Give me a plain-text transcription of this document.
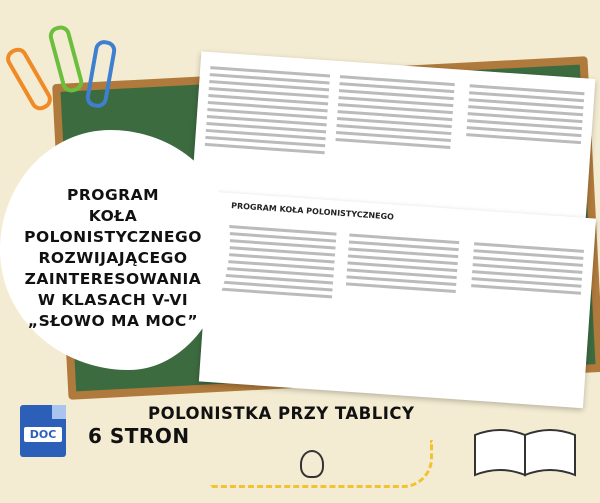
PROGRAM KOŁA POLONISTYCZNEGO
PROGRAM
KOŁA
POLONISTYCZNEGO
ROZWIJAJĄCEGO
ZAINTERESOWANIA
W KLASACH V-VI
„SŁOWO MA MOC”
DOC 6 STRON
POLONISTKA PRZY TABLICY
